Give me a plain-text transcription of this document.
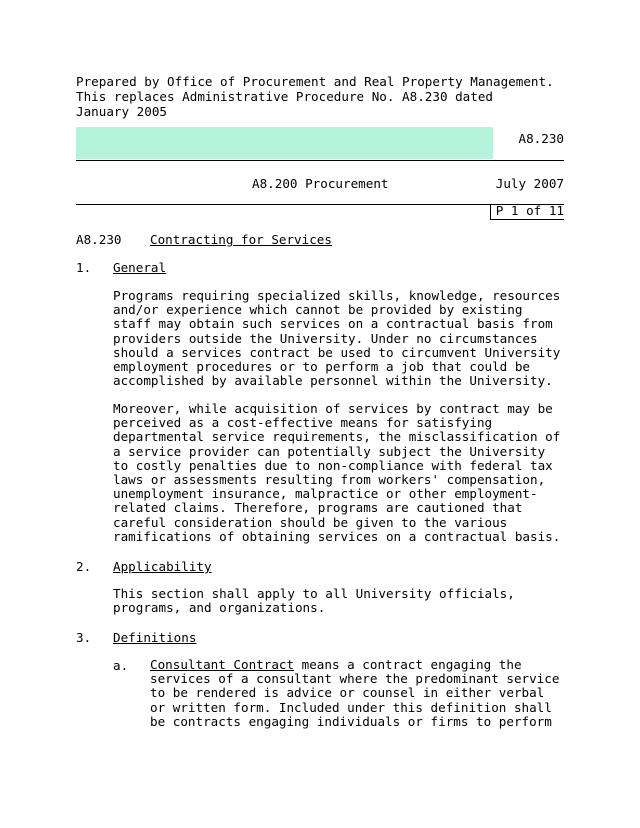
Prepared by Office of Procurement and Real Property Management.
This replaces Administrative Procedure No. A8.230 dated
January 2005
A8.230
A8.200 Procurement	July 2007
P 1 of 11
A8.230 Contracting for Services
1. General
Programs requiring specialized skills, knowledge, resources
and/or experience which cannot be provided by existing
staff may obtain such services on a contractual basis from
providers outside the University. Under no circumstances
should a services contract be used to circumvent University
employment procedures or to perform a job that could be
accomplished by available personnel within the University.
Moreover, while acquisition of services by contract may be
perceived as a cost-effective means for satisfying
departmental service requirements, the misclassification of
a service provider can potentially subject the University
to costly penalties due to non-compliance with federal tax
laws or assessments resulting from workers' compensation,
unemployment insurance, malpractice or other employment-
related claims. Therefore, programs are cautioned that
careful consideration should be given to the various
ramifications of obtaining services on a contractual basis.
2. Applicability
This section shall apply to all University officials,
programs, and organizations.
3. Definitions
a. Consultant Contract means a contract engaging the
services of a consultant where the predominant service
to be rendered is advice or counsel in either verbal
or written form. Included under this definition shall
be contracts engaging individuals or firms to perform
